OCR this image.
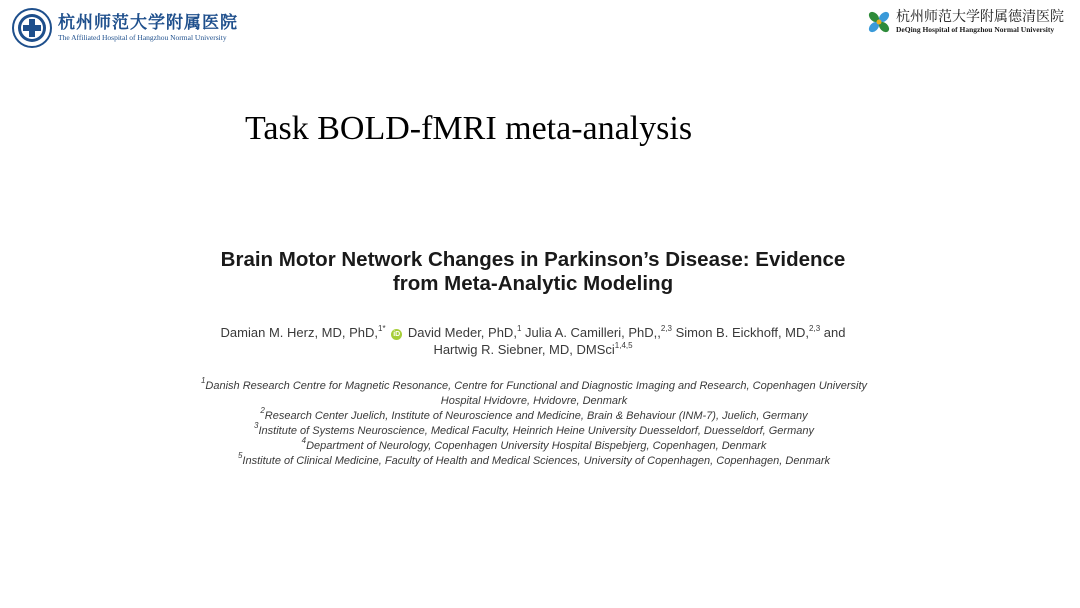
杭州师范大学附属医院
The Affiliated Hospital of Hangzhou Normal University
杭州师范大学附属德清医院
DeQing Hospital of Hangzhou Normal University
Task BOLD-fMRI meta-analysis
Brain Motor Network Changes in Parkinson’s Disease: Evidence
from Meta-Analytic Modeling
Damian M. Herz, MD, PhD,$^{1*}$ iD David Meder, PhD,$^1$ Julia A. Camilleri, PhD,,$^{2,3}$ Simon B. Eickhoff, MD,$^{2,3}$ and
Hartwig R. Siebner, MD, DMSci$^{1,4,5}$
$^1$Danish Research Centre for Magnetic Resonance, Centre for Functional and Diagnostic Imaging and Research, Copenhagen University
Hospital Hvidovre, Hvidovre, Denmark
$^2$Research Center Juelich, Institute of Neuroscience and Medicine, Brain & Behaviour (INM-7), Juelich, Germany
$^3$Institute of Systems Neuroscience, Medical Faculty, Heinrich Heine University Duesseldorf, Duesseldorf, Germany
$^4$Department of Neurology, Copenhagen University Hospital Bispebjerg, Copenhagen, Denmark
$^5$Institute of Clinical Medicine, Faculty of Health and Medical Sciences, University of Copenhagen, Copenhagen, Denmark
